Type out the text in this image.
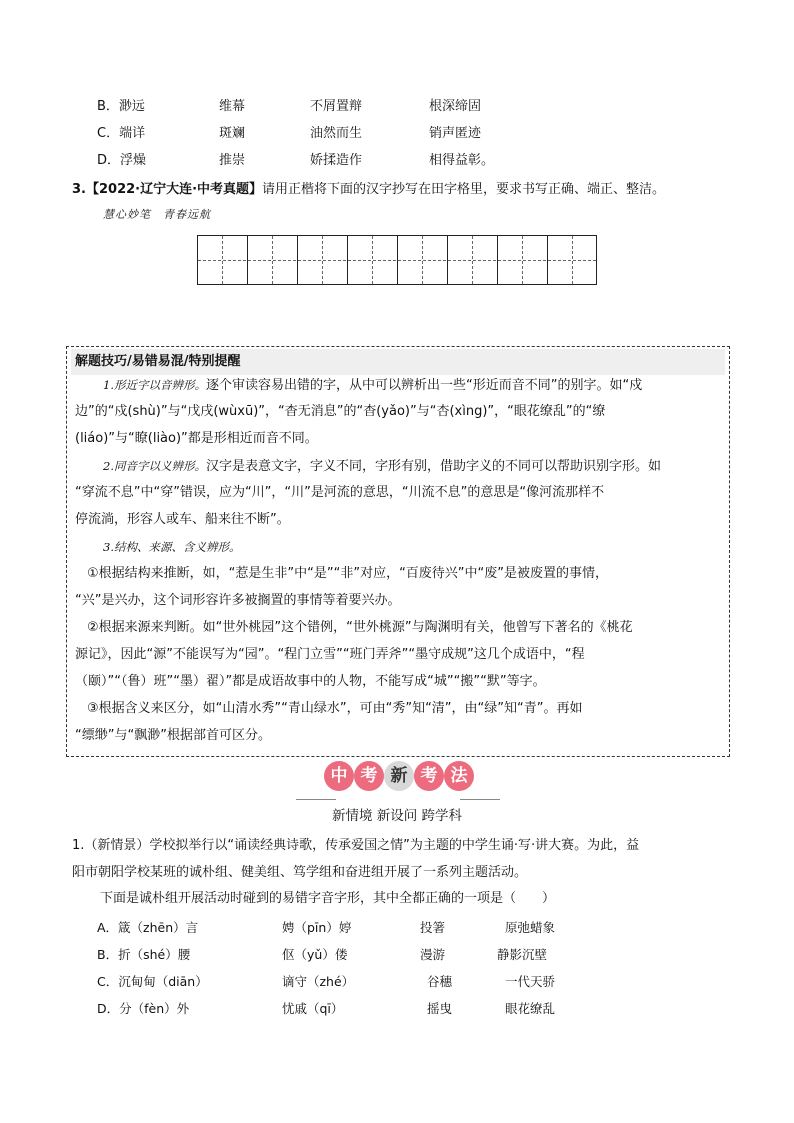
B．渺远	维幕	不屑置辩	根深缔固
C．端详	斑斓	油然而生	销声匿迹
D．浮燥	推崇	娇揉造作	相得益彰。
3.【2022·辽宁大连·中考真题】请用正楷将下面的汉字抄写在田字格里，要求书写正确、端正、整洁。
慧心妙笔　青春远航
解题技巧/易错易混/特别提醒
1.形近字以音辨形。逐个审读容易出错的字，从中可以辨析出一些“形近而音不同”的别字。如“戍
边”的“戍(shù)”与“戊戌(wùxū)”，“杳无消息”的“杳(yǎo)”与“杏(xìng)”，“眼花缭乱”的“缭
(liáo)”与“瞭(liào)”都是形相近而音不同。
2.同音字以义辨形。汉字是表意文字，字义不同，字形有别，借助字义的不同可以帮助识别字形。如
“穿流不息”中“穿”错误，应为“川”，“川”是河流的意思，“川流不息”的意思是“像河流那样不
停流淌，形容人或车、船来往不断”。
3.结构、来源、含义辨形。
①根据结构来推断，如，“惹是生非”中“是”“非”对应，“百废待兴”中“废”是被废置的事情，
“兴”是兴办，这个词形容许多被搁置的事情等着要兴办。
②根据来源来判断。如“世外桃园”这个错例，“世外桃源”与陶渊明有关，他曾写下著名的《桃花
源记》，因此“源”不能误写为“园”。“程门立雪”“班门弄斧”“墨守成规”这几个成语中，“程
（颐）”“（鲁）班”“墨）翟）”都是成语故事中的人物，不能写成“城”“搬”“默”等字。
③根据含义来区分，如“山清水秀”“青山绿水”，可由“秀”知“清”，由“绿”知“青”。再如
“缥缈”与“飘渺”根据部首可区分。
中 考 新 考 法
新情境 新设问 跨学科
1.（新情景）学校拟举行以“诵读经典诗歌，传承爱国之情”为主题的中学生诵·写·讲大赛。为此，益
阳市朝阳学校某班的诚朴组、健美组、笃学组和奋进组开展了一系列主题活动。
下面是诚朴组开展活动时碰到的易错字音字形，其中全都正确的一项是（　　）
A．箴（zhēn）言	娉（pīn）婷	投箸	原弛蜡象
B．折（shé）腰	伛（yǔ）偻	漫游	静影沉壁
C．沉甸甸（diān）	谪守（zhé）	谷穗	一代天骄
D．分（fèn）外	忧戚（qī）	摇曳	眼花缭乱
